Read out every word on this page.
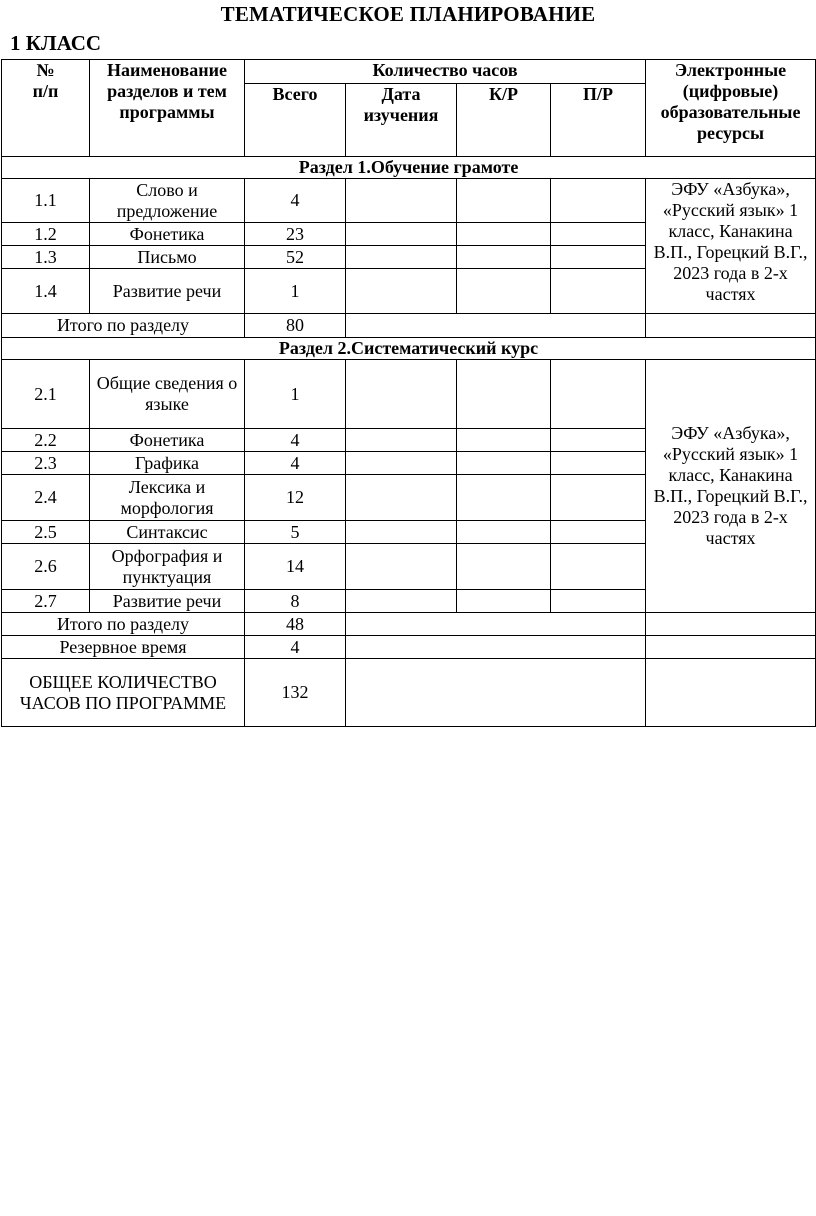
ТЕМАТИЧЕСКОЕ ПЛАНИРОВАНИЕ
1 КЛАСС
№
п/п	Наименование разделов и тем программы	Количество часов				Электронные (цифровые) образовательные ресурсы
		Всего	Дата изучения	К/Р	П/Р	
Раздел 1.Обучение грамоте						
1.1	Слово и предложение	4				ЭФУ «Азбука», «Русский язык» 1 класс, Канакина В.П., Горецкий В.Г., 2023 года в 2-х частях
1.2	Фонетика	23				
1.3	Письмо	52				
1.4	Развитие речи	1				
Итого по разделу		80				
Раздел 2.Систематический курс						
2.1	Общие сведения о языке	1				ЭФУ «Азбука», «Русский язык» 1 класс, Канакина В.П., Горецкий В.Г., 2023 года в 2-х частях
2.2	Фонетика	4				
2.3	Графика	4				
2.4	Лексика и морфология	12				
2.5	Синтаксис	5				
2.6	Орфография и пунктуация	14				
2.7	Развитие речи	8				
Итого по разделу		48				
Резервное время		4				
ОБЩЕЕ КОЛИЧЕСТВО ЧАСОВ ПО ПРОГРАММЕ		132				
